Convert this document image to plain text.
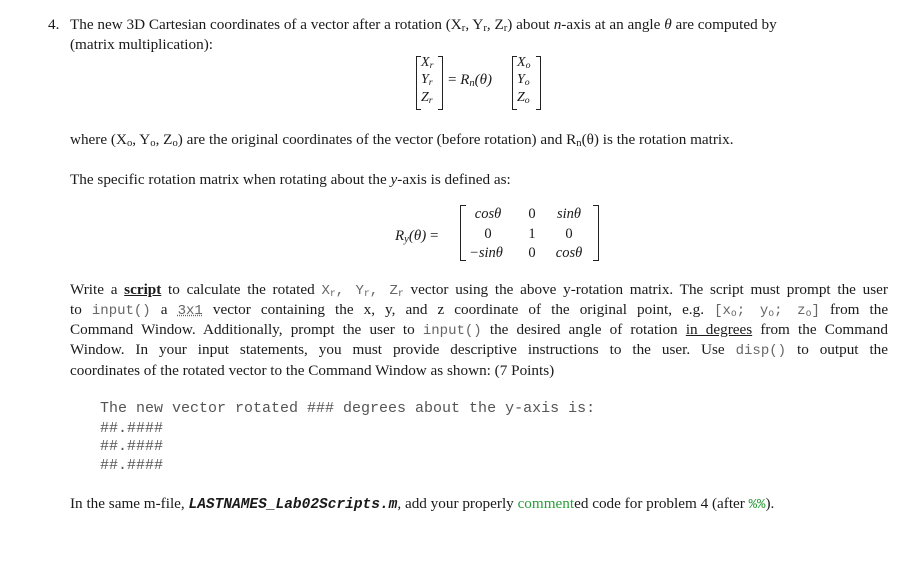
4. The new 3D Cartesian coordinates of a vector after a rotation ($X_r$, $Y_r$, $Z_r$) about n-axis at an angle θ are computed by
(matrix multiplication):
$X_r$
$Y_r$
$Z_r$
= $R_n(\theta)$
$X_o$
$Y_o$
$Z_o$
where ($X_o$, $Y_o$, $Z_o$) are the original coordinates of the vector (before rotation) and $R_n(\theta)$ is the rotation matrix.
The specific rotation matrix when rotating about the y-axis is defined as:
$R_y(\theta)$ =
cosθ	0	sinθ
0	1	0
−sinθ	0	cosθ
Write a script to calculate the rotated $X_r$, $Y_r$, $Z_r$ vector using the above y-rotation matrix. The script must prompt the user
to input() a 3x1 vector containing the x, y, and z coordinate of the original point, e.g. [$x_o$; $y_o$; $z_o$] from the
Command Window. Additionally, prompt the user to input() the desired angle of rotation in degrees from the Command
Window. In your input statements, you must provide descriptive instructions to the user. Use disp() to output the
coordinates of the rotated vector to the Command Window as shown: (7 Points)
The new vector rotated ### degrees about the y-axis is:
##.####
##.####
##.####
In the same m-file, LASTNAMES_Lab02Scripts.m, add your properly commented code for problem 4 (after %%).
